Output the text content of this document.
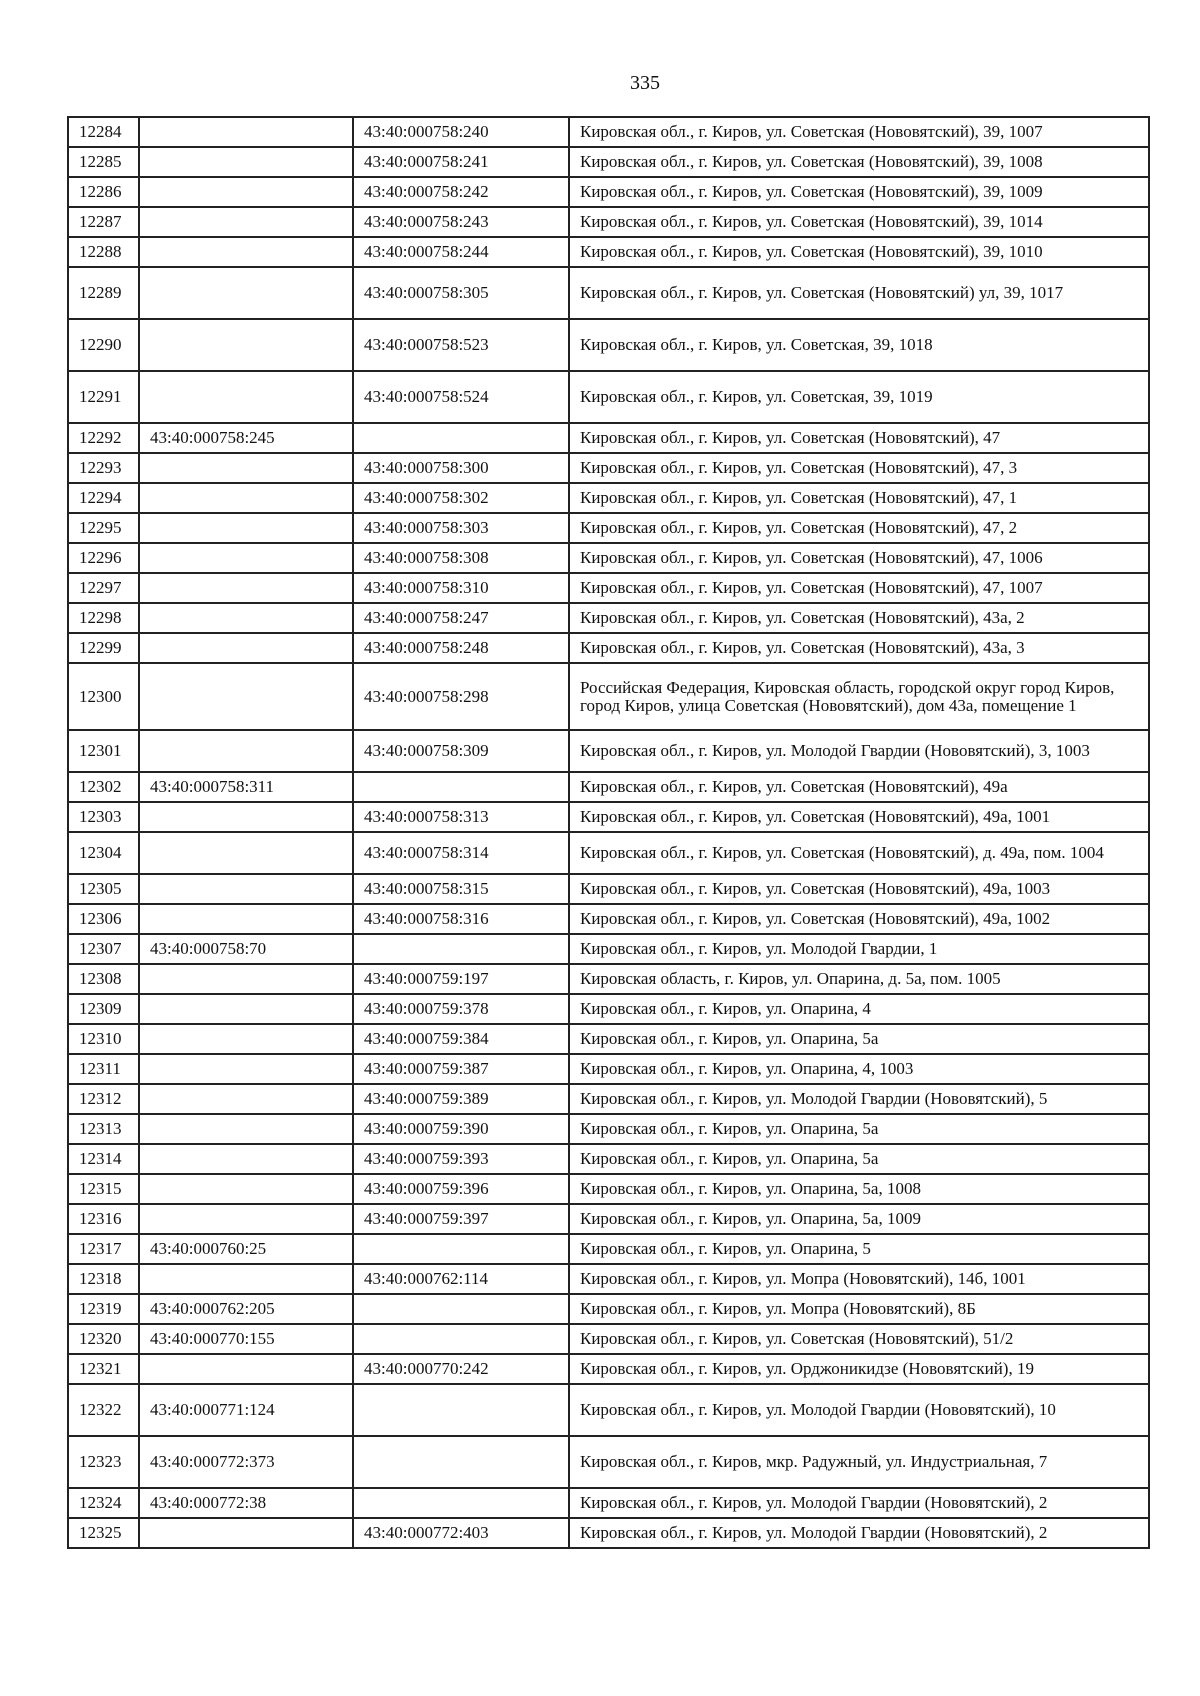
335
12284		43:40:000758:240	Кировская обл., г. Киров, ул. Советская (Нововятский), 39, 1007
12285		43:40:000758:241	Кировская обл., г. Киров, ул. Советская (Нововятский), 39, 1008
12286		43:40:000758:242	Кировская обл., г. Киров, ул. Советская (Нововятский), 39, 1009
12287		43:40:000758:243	Кировская обл., г. Киров, ул. Советская (Нововятский), 39, 1014
12288		43:40:000758:244	Кировская обл., г. Киров, ул. Советская (Нововятский), 39, 1010
12289		43:40:000758:305	Кировская обл., г. Киров, ул. Советская (Нововятский) ул, 39, 1017
12290		43:40:000758:523	Кировская обл., г. Киров, ул. Советская, 39, 1018
12291		43:40:000758:524	Кировская обл., г. Киров, ул. Советская, 39, 1019
12292	43:40:000758:245		Кировская обл., г. Киров, ул. Советская (Нововятский), 47
12293		43:40:000758:300	Кировская обл., г. Киров, ул. Советская (Нововятский), 47, 3
12294		43:40:000758:302	Кировская обл., г. Киров, ул. Советская (Нововятский), 47, 1
12295		43:40:000758:303	Кировская обл., г. Киров, ул. Советская (Нововятский), 47, 2
12296		43:40:000758:308	Кировская обл., г. Киров, ул. Советская (Нововятский), 47, 1006
12297		43:40:000758:310	Кировская обл., г. Киров, ул. Советская (Нововятский), 47, 1007
12298		43:40:000758:247	Кировская обл., г. Киров, ул. Советская (Нововятский), 43а, 2
12299		43:40:000758:248	Кировская обл., г. Киров, ул. Советская (Нововятский), 43а, 3
12300		43:40:000758:298	Российская Федерация, Кировская область, городской округ город Киров, город Киров, улица Советская (Нововятский), дом 43а, помещение 1
12301		43:40:000758:309	Кировская обл., г. Киров, ул. Молодой Гвардии (Нововятский), 3, 1003
12302	43:40:000758:311		Кировская обл., г. Киров, ул. Советская (Нововятский), 49а
12303		43:40:000758:313	Кировская обл., г. Киров, ул. Советская (Нововятский), 49а, 1001
12304		43:40:000758:314	Кировская обл., г. Киров, ул. Советская (Нововятский), д. 49а, пом. 1004
12305		43:40:000758:315	Кировская обл., г. Киров, ул. Советская (Нововятский), 49а, 1003
12306		43:40:000758:316	Кировская обл., г. Киров, ул. Советская (Нововятский), 49а, 1002
12307	43:40:000758:70		Кировская обл., г. Киров, ул. Молодой Гвардии, 1
12308		43:40:000759:197	Кировская область, г. Киров, ул. Опарина, д. 5а, пом. 1005
12309		43:40:000759:378	Кировская обл., г. Киров, ул. Опарина, 4
12310		43:40:000759:384	Кировская обл., г. Киров, ул. Опарина, 5а
12311		43:40:000759:387	Кировская обл., г. Киров, ул. Опарина, 4, 1003
12312		43:40:000759:389	Кировская обл., г. Киров, ул. Молодой Гвардии (Нововятский), 5
12313		43:40:000759:390	Кировская обл., г. Киров, ул. Опарина, 5а
12314		43:40:000759:393	Кировская обл., г. Киров, ул. Опарина, 5а
12315		43:40:000759:396	Кировская обл., г. Киров, ул. Опарина, 5а, 1008
12316		43:40:000759:397	Кировская обл., г. Киров, ул. Опарина, 5а, 1009
12317	43:40:000760:25		Кировская обл., г. Киров, ул. Опарина, 5
12318		43:40:000762:114	Кировская обл., г. Киров, ул. Мопра (Нововятский), 14б, 1001
12319	43:40:000762:205		Кировская обл., г. Киров, ул. Мопра (Нововятский), 8Б
12320	43:40:000770:155		Кировская обл., г. Киров, ул. Советская (Нововятский), 51/2
12321		43:40:000770:242	Кировская обл., г. Киров, ул. Орджоникидзе (Нововятский), 19
12322	43:40:000771:124		Кировская обл., г. Киров, ул. Молодой Гвардии (Нововятский), 10
12323	43:40:000772:373		Кировская обл., г. Киров, мкр. Радужный, ул. Индустриальная, 7
12324	43:40:000772:38		Кировская обл., г. Киров, ул. Молодой Гвардии (Нововятский), 2
12325		43:40:000772:403	Кировская обл., г. Киров, ул. Молодой Гвардии (Нововятский), 2
